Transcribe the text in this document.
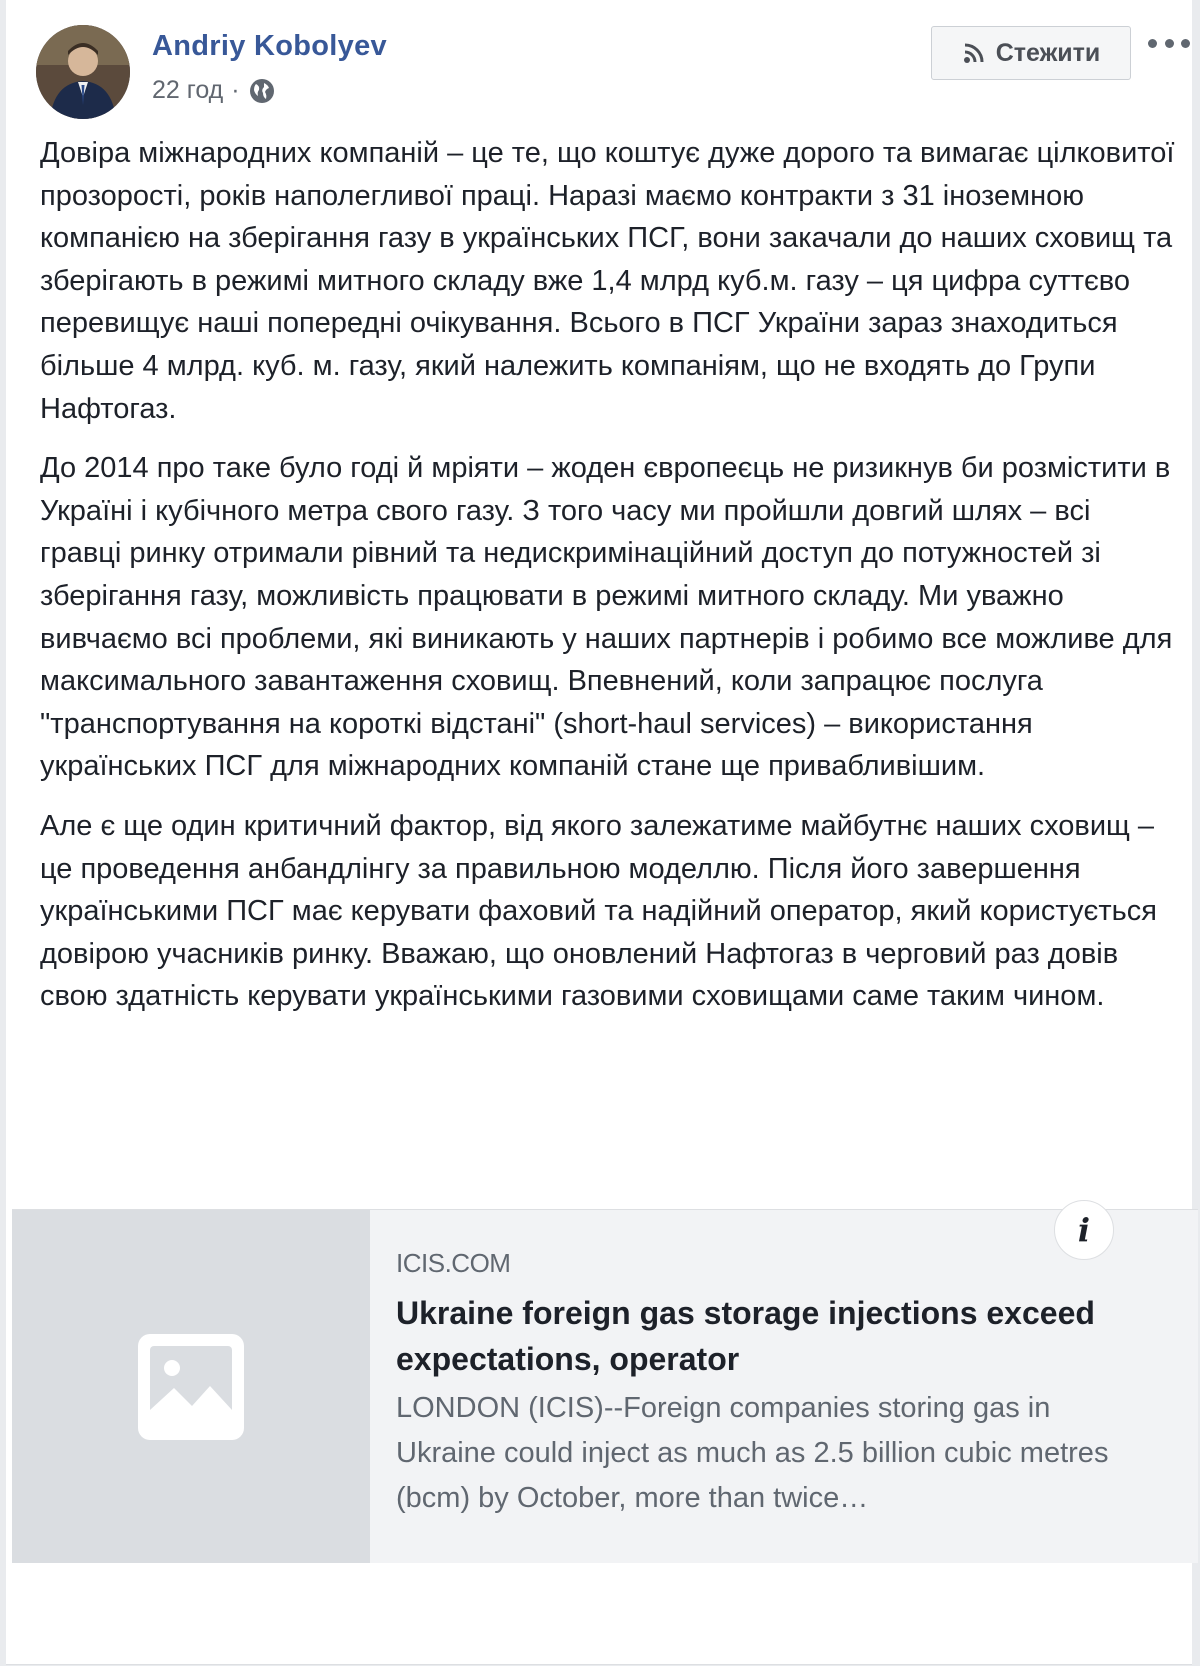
Andriy Kobolyev
22 год ·
Стежити

Довіра міжнародних компаній – це те, що коштує дуже дорого та вимагає цілковитої прозорості, років наполегливої праці. Наразі маємо контракти з 31 іноземною компанією на зберігання газу в українських ПСГ, вони закачали до наших сховищ та зберігають в режимі митного складу вже 1,4 млрд куб.м. газу – ця цифра суттєво перевищує наші попередні очікування. Всього в ПСГ України зараз знаходиться більше 4 млрд. куб. м. газу, який належить компаніям, що не входять до Групи Нафтогаз.

До 2014 про таке було годі й мріяти – жоден європеєць не ризикнув би розмістити в Україні і кубічного метра свого газу. З того часу ми пройшли довгий шлях – всі гравці ринку отримали рівний та недискримінаційний доступ до потужностей зі зберігання газу, можливість працювати в режимі митного складу. Ми уважно вивчаємо всі проблеми, які виникають у наших партнерів і робимо все можливе для максимального завантаження сховищ. Впевнений, коли запрацює послуга "транспортування на короткі відстані" (short-haul services) – використання українських ПСГ для міжнародних компаній стане ще привабливішим.

Але є ще один критичний фактор, від якого залежатиме майбутнє наших сховищ – це проведення анбандлінгу за правильною моделлю. Після його завершення українськими ПСГ має керувати фаховий та надійний оператор, який користується довірою учасників ринку. Вважаю, що оновлений Нафтогаз в черговий раз довів свою здатність керувати українськими газовими сховищами саме таким чином.

i
ICIS.COM
Ukraine foreign gas storage injections exceed expectations, operator
LONDON (ICIS)--Foreign companies storing gas in Ukraine could inject as much as 2.5 billion cubic metres (bcm) by October, more than twice…
